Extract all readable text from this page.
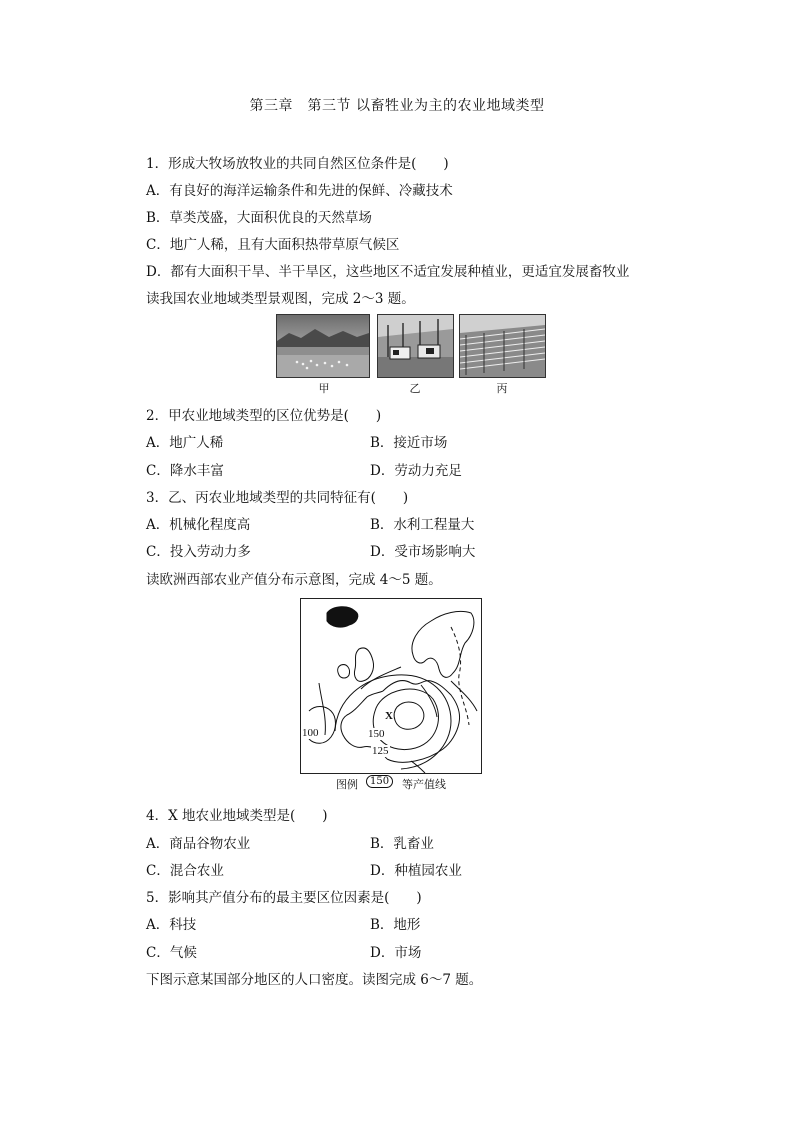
第三章　第三节 以畜牲业为主的农业地域类型
1．形成大牧场放牧业的共同自然区位条件是(　　)
A．有良好的海洋运输条件和先进的保鲜、冷藏技术
B．草类茂盛，大面积优良的天然草场
C．地广人稀，且有大面积热带草原气候区
D．都有大面积干旱、半干旱区，这些地区不适宜发展种植业，更适宜发展畜牧业
读我国农业地域类型景观图，完成 2～3 题。
甲	乙	丙
2．甲农业地域类型的区位优势是(　　)
A．地广人稀	B．接近市场
C．降水丰富	D．劳动力充足
3．乙、丙农业地域类型的共同特征有(　　)
A．机械化程度高	B．水利工程量大
C．投入劳动力多	D．受市场影响大
读欧洲西部农业产值分布示意图，完成 4～5 题。
X
150
125
100
图例	150	等产值线
4．X 地农业地域类型是(　　)
A．商品谷物农业	B．乳畜业
C．混合农业	D．种植园农业
5．影响其产值分布的最主要区位因素是(　　)
A．科技	B．地形
C．气候	D．市场
下图示意某国部分地区的人口密度。读图完成 6～7 题。
